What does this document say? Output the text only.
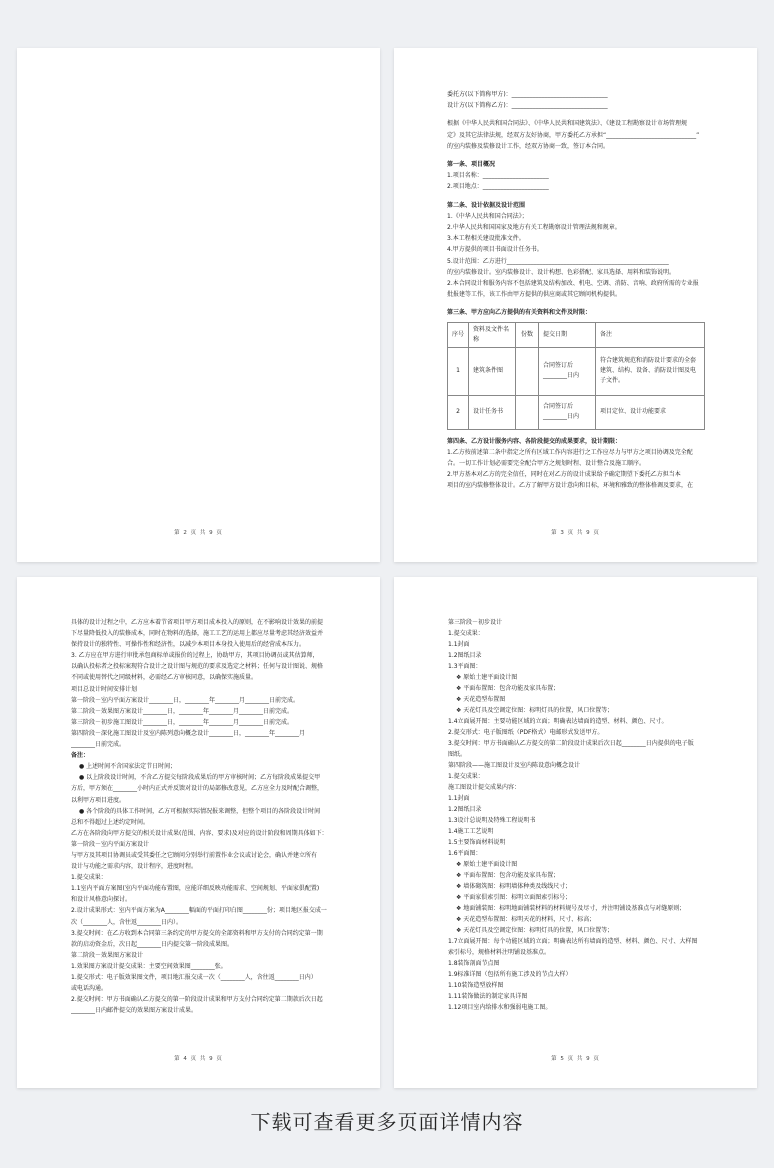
第 2 页 共 9 页
委托方(以下简称甲方)：________________________________
设计方(以下简称乙方)：________________________________
根据《中华人民共和国合同法》、《中华人民共和国建筑法》、《建设工程勘察设计市场管理规
定》及其它法律法规，经双方友好协商，甲方委托乙方承担“______________________________”
的室内装修及装修设计工作，经双方协商一致，签订本合同。
第一条、项目概况
1.项目名称：______________________
2.项目地点：______________________
第二条、设计依据及设计范围
1.《中华人民共和国合同法》；
2.中华人民共和国国家及地方有关工程勘察设计管理法规和规章。
3.本工程相关建设批准文件。
4.甲方提供的项目书面设计任务书。
5.设计范围：乙方进行______________________________________________________
的室内装修设计。室内装修设计、设计构想、色彩搭配、家具选择、用料和装饰说明。
2.本合同设计和服务内容不包括建筑及结构加改、机电、空调、消防、音响、政府所需的专业报
批报建等工作，该工作由甲方提供的供应商或其它顾问机构提供。
第三条、甲方应向乙方提供的有关资料和文件及时限：
序号	资料及文件名称	份数	提交日期	备注
1	建筑条件图		合同签订后 ________日内	符合建筑规范和消防设计要求的全套建筑、结构、设备、消防设计图及电子文件。
2	设计任务书		合同签订后 ________日内	项目定位、设计功能要求
第四条、乙方设计服务内容、各阶段提交的成果要求，设计期限：
1.乙方按前述第二条中指定之所有区域工作内容进行之工作应尽力与甲方之项目协调及完全配
合。一切工作计划必需要完全配合甲方之规划时程、设计整合及施工顺序。
2.甲方基本对乙方的完全信任，同时在对乙方的设计成果给予确定期望下委托乙方担当本
项目的室内装修整体设计。乙方了解甲方设计意向和目标，环境和雅致的整体格调及要求，在
第 3 页 共 9 页
具体的设计过程之中，乙方应本着节省项目甲方项目成本投入的原则，在不影响设计效果的前提
下尽量降低投入的装修成本，同时在物料的选择，施工工艺的运用上都应尽量考虑其经济效益并
保持设计的独特性、可操作性和经济性，以减少本项目本身投入使用后的经营成本压力。
3. 乙方应在甲方进行审批承包商标单或报价的过程上，协助甲方，其项目协调员或其估算师，
以确认投标者之投标案现符合设计之设计图与规范的要求及选定之材料；任何与设计图说、规格
不同或使用替代之同级材料，必需经乙方审核同意，以确保实施质量。
项目总设计时间安排计划
第一阶段－室内平面方案设计________日，________年________月________日前完成。
第二阶段－效果图方案设计________日，________年________月________日前完成。
第三阶段－初步施工图设计________日，________年________月________日前完成。
第四阶段－深化施工图设计及室内陈列意向概念设计________日，________年________月
________日前完成。
备注：
● 上述时间不含国家法定节日时间；
● 以上阶段设计时间，不含乙方提交每阶段成果后的甲方审核时间；乙方每阶段成果提交甲
方后，甲方须在________小时内正式并反馈对设计的局部修改意见，乙方应全力及时配合调整，
以利甲方项目进度。
● 各个阶段的具体工作时间，乙方可根据实际情况报来调整，但整个项目的各阶段设计时间
总和不得超过上述约定时间。
乙方在各阶段向甲方提交的相关设计成果(范围、内容、要求)及对应的设计阶段和周期具体如下：
第一阶段－室内平面方案设计
与甲方及其项目协调员或受其委任之它顾问分别举行前置作业会议或讨论会，确认并建立所有
设计与功能之需求内容，设计程序，进度时程。
1.提交成果：
1.1室内平面方案图(室内平面功能布置图，应能详细反映功能需求、空间规划、平面家俱配置)
和设计风格意向探讨。
2.设计成果形式：室内平面方案为A________幅面的平面打印白图________份；项目地区报交成一
次（________人，含往返________日内）。
3.提交时间：在乙方收到本合同第三条约定的甲方提交的全部资料和甲方支付的合同约定第一期
款的启动资金后，次日起________日内提交第一阶段成果图。
第二阶段－效果图方案设计
1.效果图方案设计提交成果：主要空间效果图________张。
1.提交形式：电子版效果图文件，项目地汇报交成一次（________人，含往返________日内）
或电话沟通。
2.提交时间：甲方书面确认乙方提交的第一阶段设计成果和甲方支付合同约定第二期款后次日起
________日内邮件提交的效果图方案设计成果。
第 4 页 共 9 页
第三阶段－初步设计
1.提交成果：
1.1封面
1.2图纸目录
1.3平面图：
❖ 原始土建平面设计图
❖ 平面布置图：包含功能及家具布置；
❖ 天花造型布置图
❖ 天花灯具及空调定位图：标明灯具的位置，风口位置等；
1.4立面展开图：主要功能区域的立面；明确表达墙面的造型、材料、颜色、尺寸。
2.提交形式：电子版图纸（PDF格式）电邮形式发送甲方。
3.提交时间：甲方书面确认乙方提交的第二阶段设计成果后次日起________日内提供的电子版
图纸。
第四阶段——施工图设计及室内陈设意向概念设计
1.提交成果：
施工图设计提交成果内容：
1.1封面
1.2图纸目录
1.3设计总说明及特殊工程说明书
1.4施工工艺说明
1.5主要饰面材料说明
1.6平面图：
❖ 原始土建平面设计图
❖ 平面布置图：包含功能及家具布置；
❖ 墙体砌筑图：标明墙体种类及线线尺寸；
❖ 平面家俱索引图：标明立面图索引标号；
❖ 地面铺装图：标明地面铺装材料的材料规号及尽寸，并注明铺设基准点与对缝原则；
❖ 天花造型布置图：标明天花的材料，尺寸、标高；
❖ 天花灯具及空调定位图：标明灯具的位置，风口位置等；
1.7立面展开图：每个功能区域的立面；明确表达所有墙面的造型、材料、颜色、尺寸、大样图
索引标号，规格材料注明铺设基准点。
1.8装饰剖面节点图
1.9标准详图（包括所有施工涉及的节点大样）
1.10装饰造型放样图
1.11装饰做法的制定家具详图
1.12项目室内给排水和强弱电施工图。
第 5 页 共 9 页
下载可查看更多页面详情内容
